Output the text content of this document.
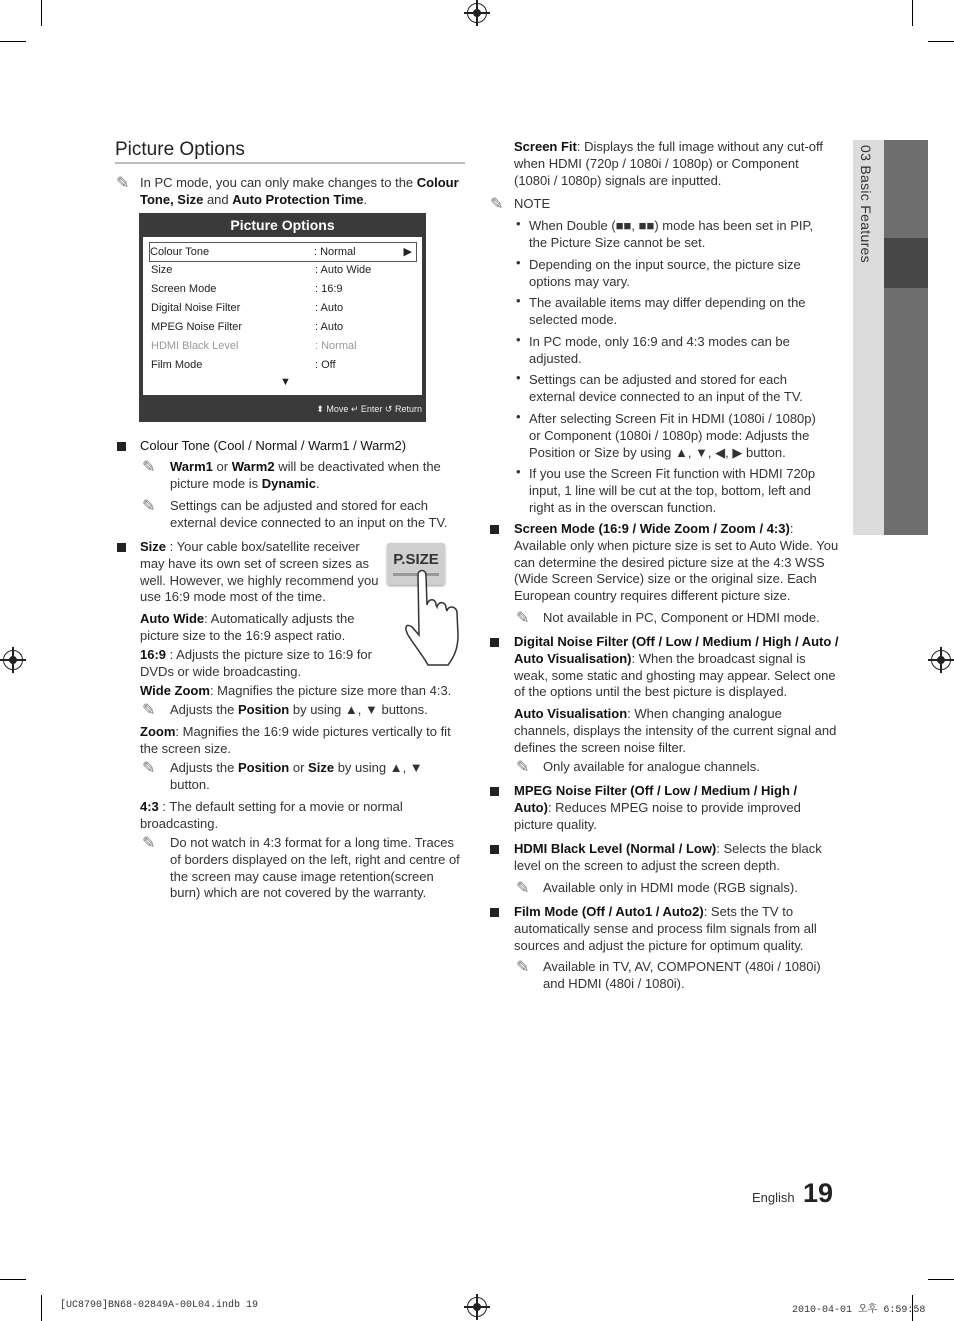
03 Basic Features
Picture Options
✎ In PC mode, you can only make changes to the Colour Tone, Size and Auto Protection Time.
Picture Options
Colour Tone	: Normal	▶
Size	: Auto Wide
Screen Mode	: 16:9
Digital Noise Filter	: Auto
MPEG Noise Filter	: Auto
HDMI Black Level	: Normal
Film Mode	: Off
▼
⬍ Move ↵ Enter ↺ Return
Colour Tone (Cool / Normal / Warm1 / Warm2)
✎ Warm1 or Warm2 will be deactivated when the picture mode is Dynamic.
✎ Settings can be adjusted and stored for each external device connected to an input on the TV.
Size : Your cable box/satellite receiver may have its own set of screen sizes as well. However, we highly recommend you use 16:9 mode most of the time.
P.SIZE
Auto Wide: Automatically adjusts the picture size to the 16:9 aspect ratio.
16:9 : Adjusts the picture size to 16:9 for DVDs or wide broadcasting.
Wide Zoom: Magnifies the picture size more than 4:3.
✎ Adjusts the Position by using ▲, ▼ buttons.
Zoom: Magnifies the 16:9 wide pictures vertically to fit the screen size.
✎ Adjusts the Position or Size by using ▲, ▼ button.
4:3 : The default setting for a movie or normal broadcasting.
✎ Do not watch in 4:3 format for a long time. Traces of borders displayed on the left, right and centre of the screen may cause image retention(screen burn) which are not covered by the warranty.
Screen Fit: Displays the full image without any cut-off when HDMI (720p / 1080i / 1080p) or Component (1080i / 1080p) signals are inputted.
✎ NOTE
• When Double (■■, ■■) mode has been set in PIP, the Picture Size cannot be set.
• Depending on the input source, the picture size options may vary.
• The available items may differ depending on the selected mode.
• In PC mode, only 16:9 and 4:3 modes can be adjusted.
• Settings can be adjusted and stored for each external device connected to an input of the TV.
• After selecting Screen Fit in HDMI (1080i / 1080p) or Component (1080i / 1080p) mode: Adjusts the Position or Size by using ▲, ▼, ◀, ▶ button.
• If you use the Screen Fit function with HDMI 720p input, 1 line will be cut at the top, bottom, left and right as in the overscan function.
Screen Mode (16:9 / Wide Zoom / Zoom / 4:3): Available only when picture size is set to Auto Wide. You can determine the desired picture size at the 4:3 WSS (Wide Screen Service) size or the original size. Each European country requires different picture size.
✎ Not available in PC, Component or HDMI mode.
Digital Noise Filter (Off / Low / Medium / High / Auto / Auto Visualisation): When the broadcast signal is weak, some static and ghosting may appear. Select one of the options until the best picture is displayed.
Auto Visualisation: When changing analogue channels, displays the intensity of the current signal and defines the screen noise filter.
✎ Only available for analogue channels.
MPEG Noise Filter (Off / Low / Medium / High / Auto): Reduces MPEG noise to provide improved picture quality.
HDMI Black Level (Normal / Low): Selects the black level on the screen to adjust the screen depth.
✎ Available only in HDMI mode (RGB signals).
Film Mode (Off / Auto1 / Auto2): Sets the TV to automatically sense and process film signals from all sources and adjust the picture for optimum quality.
✎ Available in TV, AV, COMPONENT (480i / 1080i) and HDMI (480i / 1080i).
English 19
[UC8790]BN68-02849A-00L04.indb 19	2010-04-01 오후 6:59:58
